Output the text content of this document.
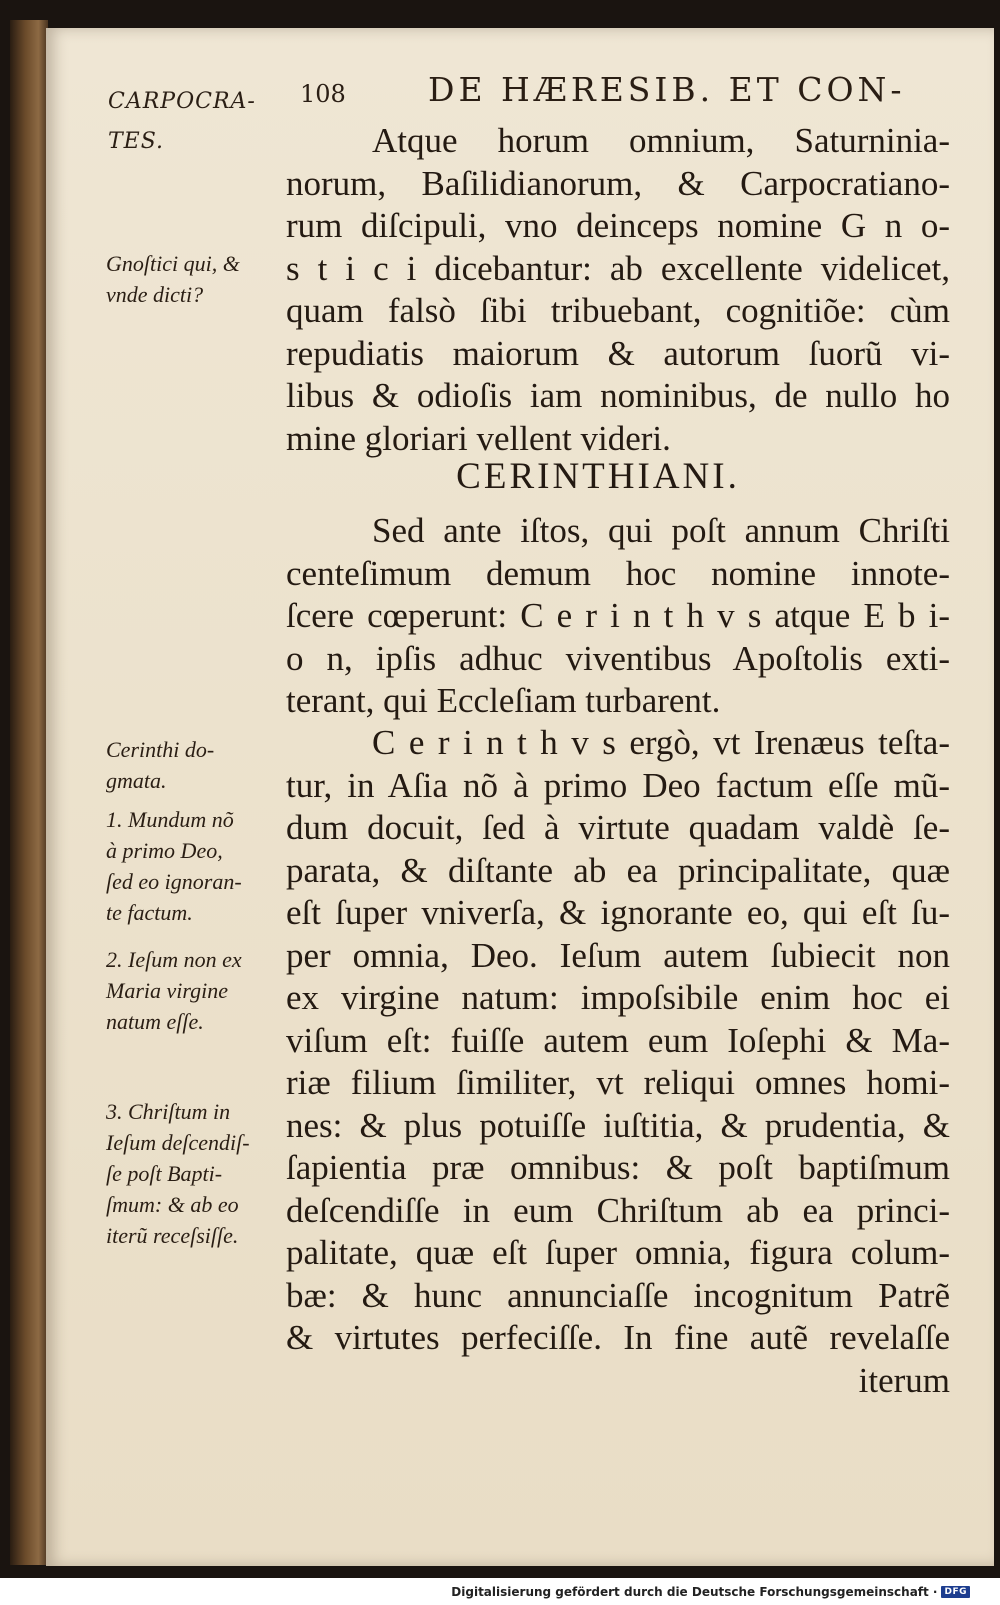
CARPOCRA-
TES.
108 DE HÆRESIB. ET CON-
Atque horum omnium, Saturninia-
norum, Baſilidianorum, & Carpocratiano-
rum diſcipuli, vno deinceps nomine G n o-
s t i c i dicebantur: ab excellente videlicet,
quam falsò ſibi tribuebant, cognitiõe: cùm
repudiatis maiorum & autorum ſuorũ vi-
libus & odioſis iam nominibus, de nullo ho
mine gloriari vellent videri.
CERINTHIANI.
Sed ante iſtos, qui poſt annum Chriſti
centeſimum demum hoc nomine innote-
ſcere cœperunt: C e r i n t h v s atque E b i-
o n, ipſis adhuc viventibus Apoſtolis exti-
terant, qui Eccleſiam turbarent.
C e r i n t h v s ergò, vt Irenæus teſta-
tur, in Aſia nõ à primo Deo factum eſſe mũ-
dum docuit, ſed à virtute quadam valdè ſe-
parata, & diſtante ab ea principalitate, quæ
eſt ſuper vniverſa, & ignorante eo, qui eſt ſu-
per omnia, Deo. Ieſum autem ſubiecit non
ex virgine natum: impoſsibile enim hoc ei
viſum eſt: fuiſſe autem eum Ioſephi & Ma-
riæ filium ſimiliter, vt reliqui omnes homi-
nes: & plus potuiſſe iuſtitia, & prudentia, &
ſapientia præ omnibus: & poſt baptiſmum
deſcendiſſe in eum Chriſtum ab ea princi-
palitate, quæ eſt ſuper omnia, figura colum-
bæ: & hunc annunciaſſe incognitum Patrẽ
& virtutes perfeciſſe. In fine autẽ revelaſſe
iterum
Gnoſtici qui, &
vnde dicti?
Cerinthi do-
gmata.
1. Mundum nõ
à primo Deo,
ſed eo ignoran-
te factum.
2. Ieſum non ex
Maria virgine
natum eſſe.
3. Chriſtum in
Ieſum deſcendiſ-
ſe poſt Bapti-
ſmum: & ab eo
iterũ receſsiſſe.
Digitalisierung gefördert durch die Deutsche Forschungsgemeinschaft · DFG
